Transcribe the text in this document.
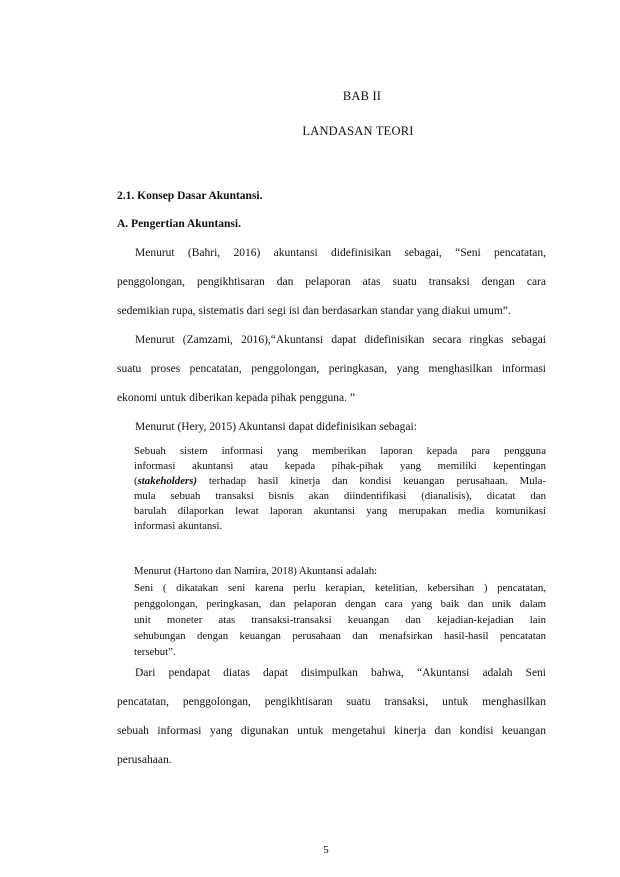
BAB II
LANDASAN TEORI
2.1. Konsep Dasar Akuntansi.
A. Pengertian Akuntansi.
Menurut (Bahri, 2016) akuntansi didefinisikan sebagai, “Seni pencatatan,
penggolongan, pengikhtisaran dan pelaporan atas suatu transaksi dengan cara
sedemikian rupa, sistematis dari segi isi dan berdasarkan standar yang diakui umum”.
Menurut (Zamzami, 2016),“Akuntansi dapat didefinisikan secara ringkas sebagai
suatu proses pencatatan, penggolongan, peringkasan, yang menghasilkan informasi
ekonomi untuk diberikan kepada pihak pengguna. ”
Menurut (Hery, 2015) Akuntansi dapat didefinisikan sebagai:
Sebuah sistem informasi yang memberikan laporan kepada para pengguna
informasi akuntansi atau kepada pihak-pihak yang memiliki kepentingan
(stakeholders) terhadap hasil kinerja dan kondisi keuangan perusahaan. Mula-
mula sebuah transaksi bisnis akan diindentifikasi (dianalisis), dicatat dan
barulah dilaporkan lewat laporan akuntansi yang merupakan media komunikasi
informasi akuntansi.
Menurut (Hartono dan Namira, 2018) Akuntansi adalah:
Seni ( dikatakan seni karena perlu kerapian, ketelitian, kebersihan ) pencatatan,
penggolongan, peringkasan, dan pelaporan dengan cara yang baik dan unik dalam
unit moneter atas transaksi-transaksi keuangan dan kejadian-kejadian lain
sehubungan dengan keuangan perusahaan dan menafsirkan hasil-hasil pencatatan
tersebut”.
Dari pendapat diatas dapat disimpulkan bahwa, “Akuntansi adalah Seni
pencatatan, penggolongan, pengikhtisaran suatu transaksi, untuk menghasilkan
sebuah informasi yang digunakan untuk mengetahui kinerja dan kondisi keuangan
perusahaan.
5
